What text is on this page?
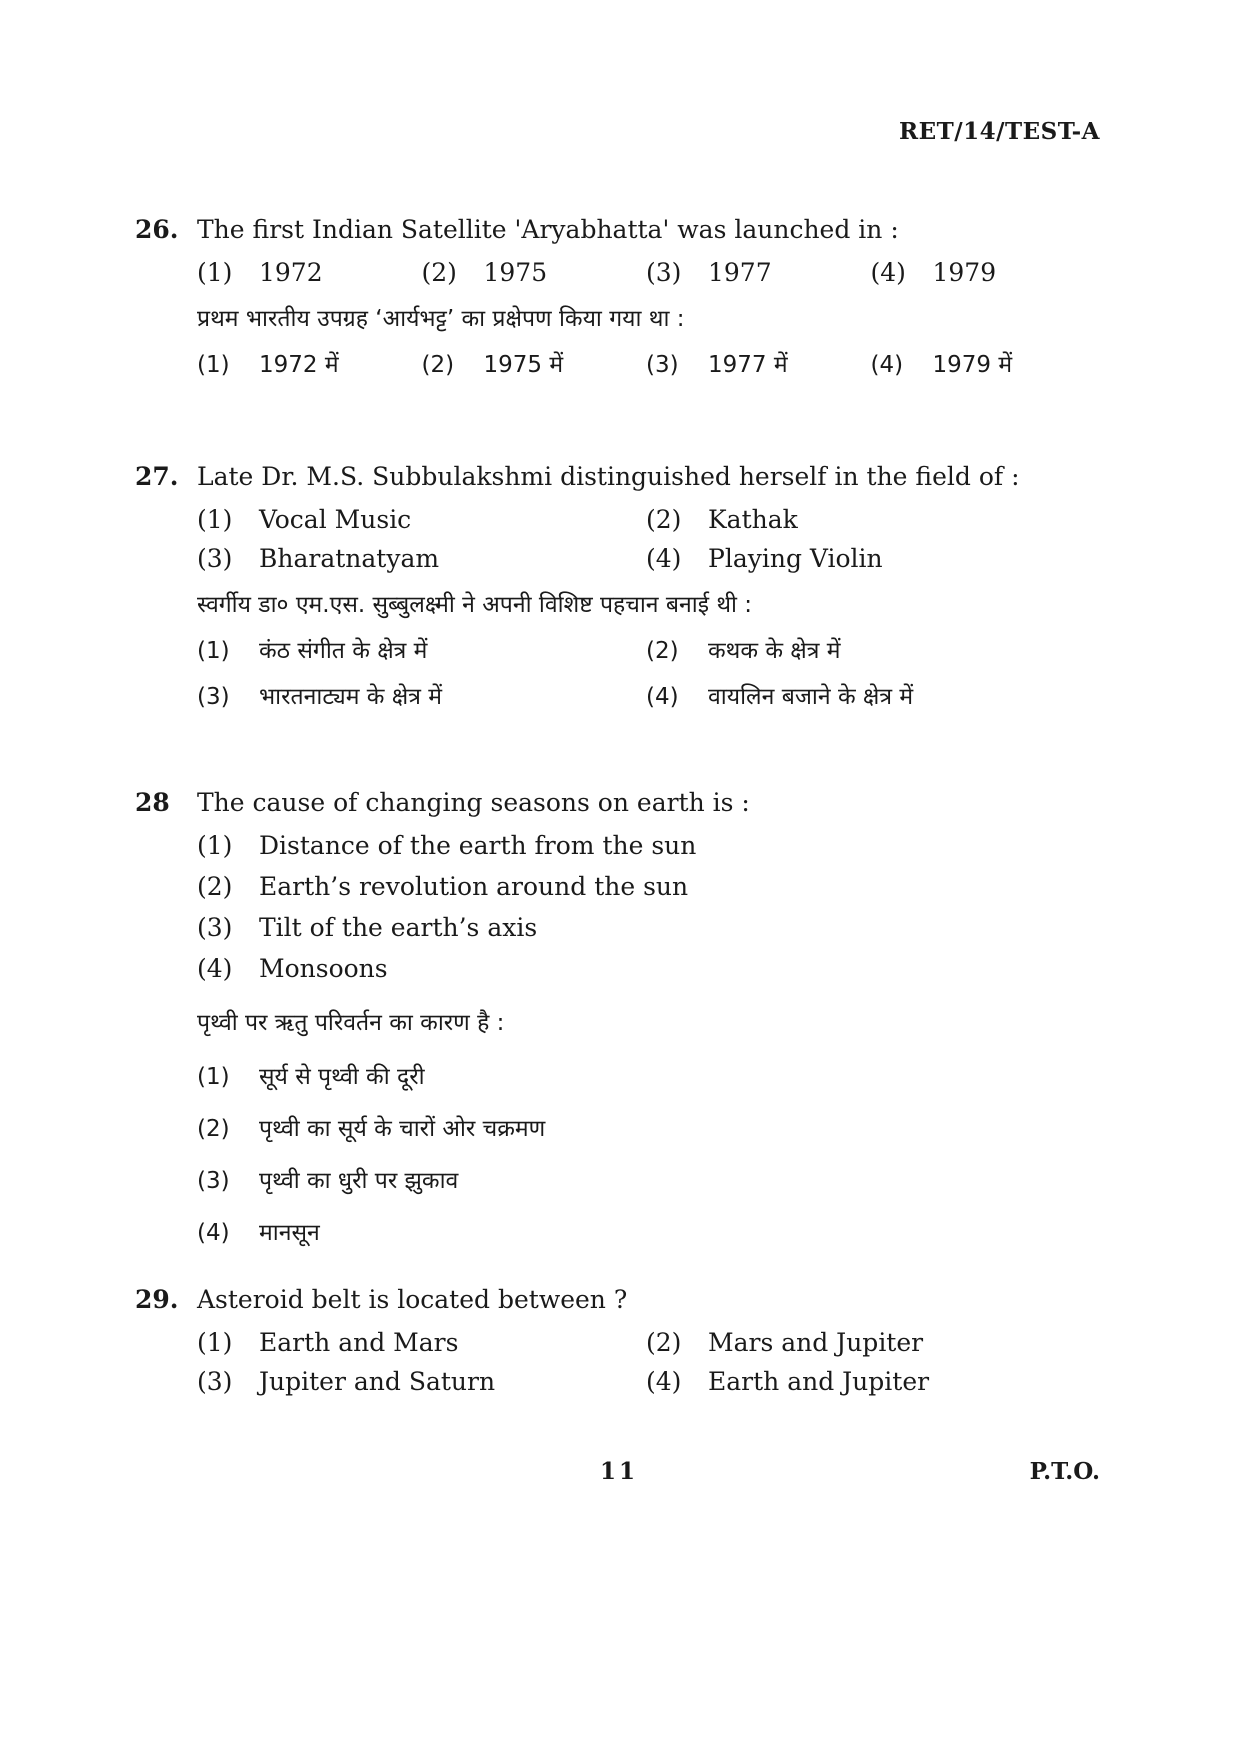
RET/14/TEST-A
26. The first Indian Satellite 'Aryabhatta' was launched in :
(1)	1972	(2)	1975	(3)	1977	(4)	1979
प्रथम भारतीय उपग्रह ‘आर्यभट्ट’ का प्रक्षेपण किया गया था :
(1)	1972 में	(2)	1975 में	(3)	1977 में	(4)	1979 में
27. Late Dr. M.S. Subbulakshmi distinguished herself in the field of :
(1)	Vocal Music	(2)	Kathak
(3)	Bharatnatyam	(4)	Playing Violin
स्वर्गीय डा० एम.एस. सुब्बुलक्ष्मी ने अपनी विशिष्ट पहचान बनाई थी :
(1)	कंठ संगीत के क्षेत्र में	(2)	कथक के क्षेत्र में
(3)	भारतनाट्यम के क्षेत्र में	(4)	वायलिन बजाने के क्षेत्र में
28	The cause of changing seasons on earth is :
(1)	Distance of the earth from the sun
(2)	Earth’s revolution around the sun
(3)	Tilt of the earth’s axis
(4)	Monsoons
पृथ्वी पर ऋतु परिवर्तन का कारण है :
(1)	सूर्य से पृथ्वी की दूरी
(2)	पृथ्वी का सूर्य के चारों ओर चक्रमण
(3)	पृथ्वी का धुरी पर झुकाव
(4)	मानसून
29. Asteroid belt is located between ?
(1)	Earth and Mars	(2)	Mars and Jupiter
(3)	Jupiter and Saturn	(4)	Earth and Jupiter
11	P.T.O.
